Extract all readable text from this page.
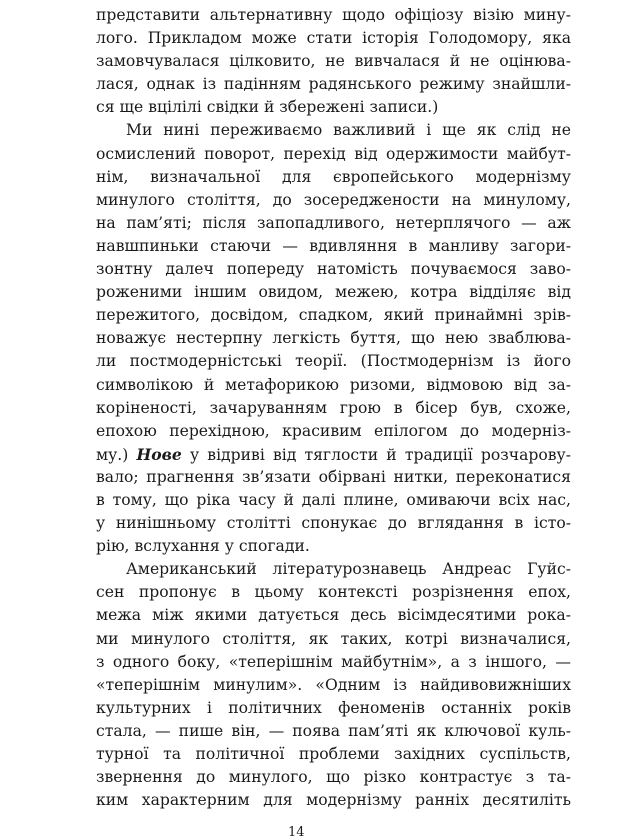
представити альтернативну щодо офіціозу візію мину-
лого. Прикладом може стати історія Голодомору, яка
замовчувалася цілковито, не вивчалася й не оцінюва-
лася, однак із падінням радянського режиму знайшли-
ся ще вцілілі свідки й збережені записи.)
Ми нині переживаємо важливий і ще як слід не
осмислений поворот, перехід від одержимости майбут-
нім, визначальної для європейського модернізму
минулого століття, до зосереджености на минулому,
на пам’яті; після запопадливого, нетерплячого — аж
навшпиньки стаючи — вдивляння в манливу загори-
зонтну далеч попереду натомість почуваємося заво-
роженими іншим овидом, межею, котра відділяє від
пережитого, досвідом, спадком, який принаймні зрів-
новажує нестерпну легкість буття, що нею зваблюва-
ли постмодерністські теорії. (Постмодернізм із його
символікою й метафорикою ризоми, відмовою від за-
коріненості, зачаруванням грою в бісер був, схоже,
епохою перехідною, красивим епілогом до модерніз-
му.) Нове у відриві від тяглости й традиції розчарову-
вало; прагнення зв’язати обірвані нитки, переконатися
в тому, що ріка часу й далі плине, омиваючи всіх нас,
у нинішньому столітті спонукає до вглядання в істо-
рію, вслухання у спогади.
Американський літературознавець Андреас Гуйс-
сен пропонує в цьому контексті розрізнення епох,
межа між якими датується десь вісімдесятими рока-
ми минулого століття, як таких, котрі визначалися,
з одного боку, «теперішнім майбутнім», а з іншого, —
«теперішнім минулим». «Одним із найдивовижніших
культурних і політичних феноменів останніх років
стала, — пише він, — поява пам’яті як ключової куль-
турної та політичної проблеми західних суспільств,
звернення до минулого, що різко контрастує з та-
ким характерним для модернізму ранніх десятиліть
14
